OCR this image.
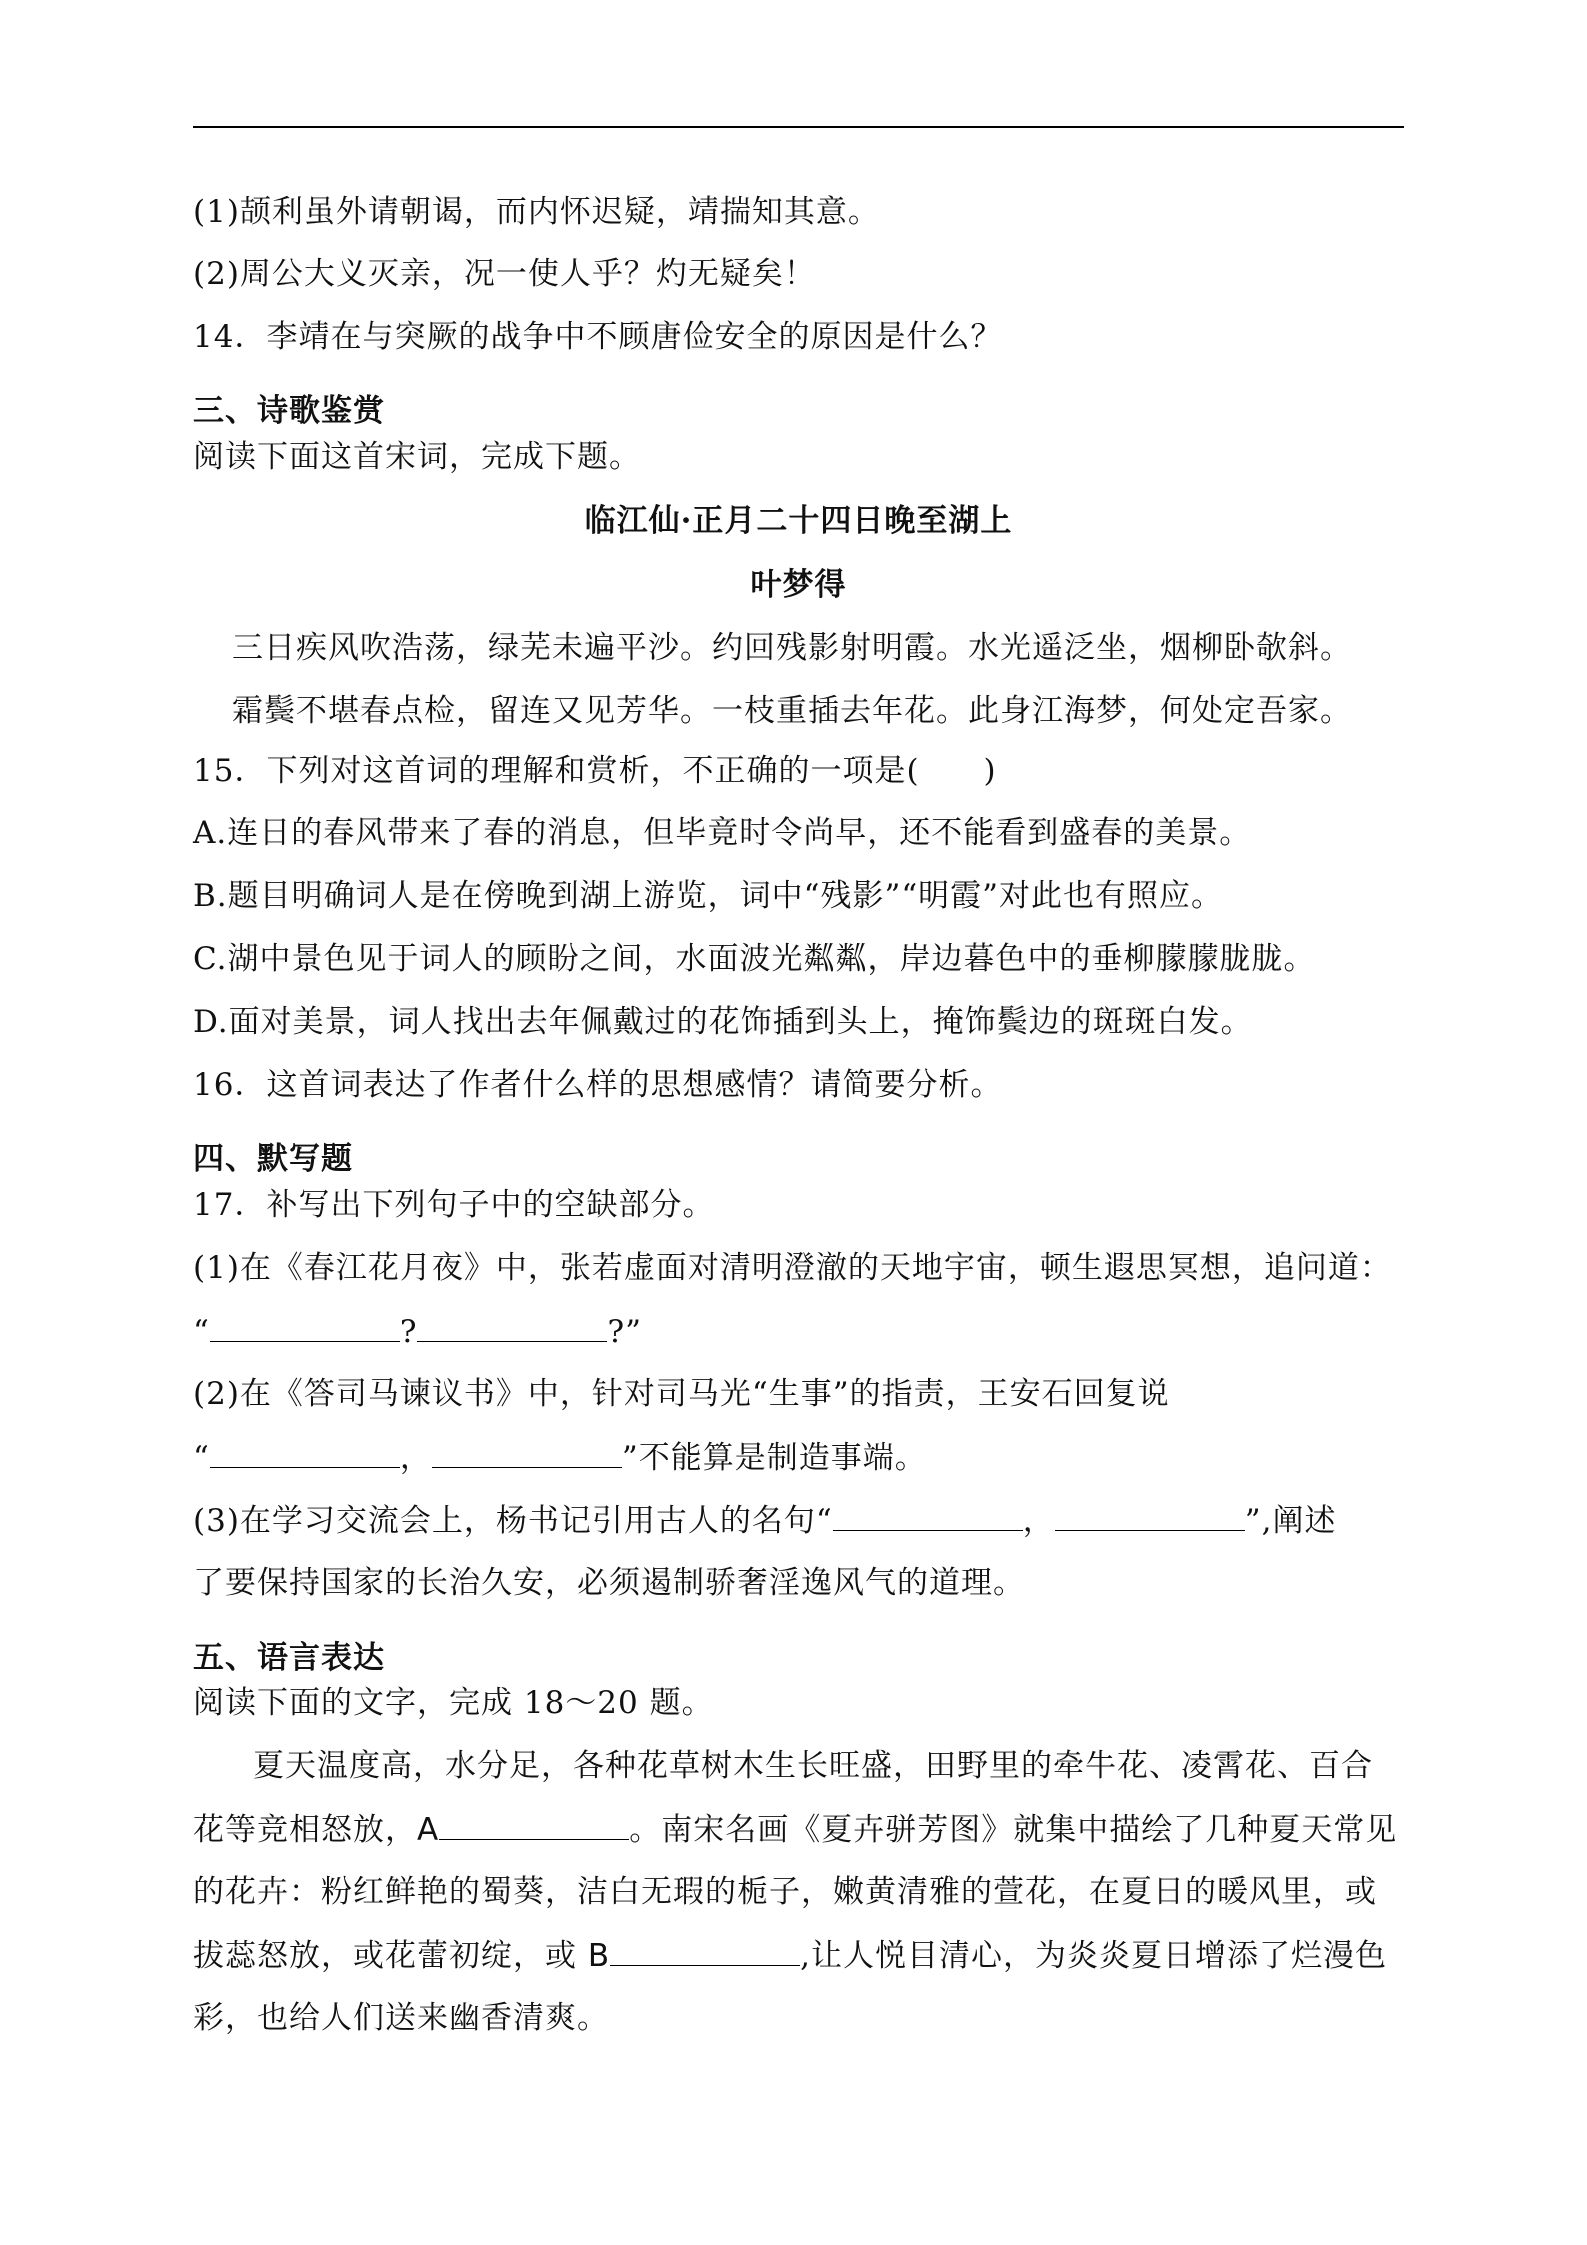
(1)颉利虽外请朝谒，而内怀迟疑，靖揣知其意。
(2)周公大义灭亲，况一使人乎？灼无疑矣！
14．李靖在与突厥的战争中不顾唐俭安全的原因是什么？
三、诗歌鉴赏
阅读下面这首宋词，完成下题。
临江仙·正月二十四日晚至湖上
叶梦得
三日疾风吹浩荡，绿芜未遍平沙。约回残影射明霞。水光遥泛坐，烟柳卧欹斜。
霜鬓不堪春点检，留连又见芳华。一枝重插去年花。此身江海梦，何处定吾家。
15．下列对这首词的理解和赏析，不正确的一项是(　　)
A.连日的春风带来了春的消息，但毕竟时令尚早，还不能看到盛春的美景。
B.题目明确词人是在傍晚到湖上游览，词中“残影”“明霞”对此也有照应。
C.湖中景色见于词人的顾盼之间，水面波光粼粼，岸边暮色中的垂柳朦朦胧胧。
D.面对美景，词人找出去年佩戴过的花饰插到头上，掩饰鬓边的斑斑白发。
16．这首词表达了作者什么样的思想感情？请简要分析。
四、默写题
17．补写出下列句子中的空缺部分。
(1)在《春江花月夜》中，张若虚面对清明澄澈的天地宇宙，顿生遐思冥想，追问道：
“	?	?”
(2)在《答司马谏议书》中，针对司马光“生事”的指责，王安石回复说
“	，	”不能算是制造事端。
(3)在学习交流会上，杨书记引用古人的名句“	，	”,阐述
了要保持国家的长治久安，必须遏制骄奢淫逸风气的道理。
五、语言表达
阅读下面的文字，完成 18～20 题。
夏天温度高，水分足，各种花草树木生长旺盛，田野里的牵牛花、凌霄花、百合
花等竞相怒放，A	。南宋名画《夏卉骈芳图》就集中描绘了几种夏天常见
的花卉：粉红鲜艳的蜀葵，洁白无瑕的栀子，嫩黄清雅的萱花，在夏日的暖风里，或
拔蕊怒放，或花蕾初绽，或 B	,让人悦目清心，为炎炎夏日增添了烂漫色
彩，也给人们送来幽香清爽。
